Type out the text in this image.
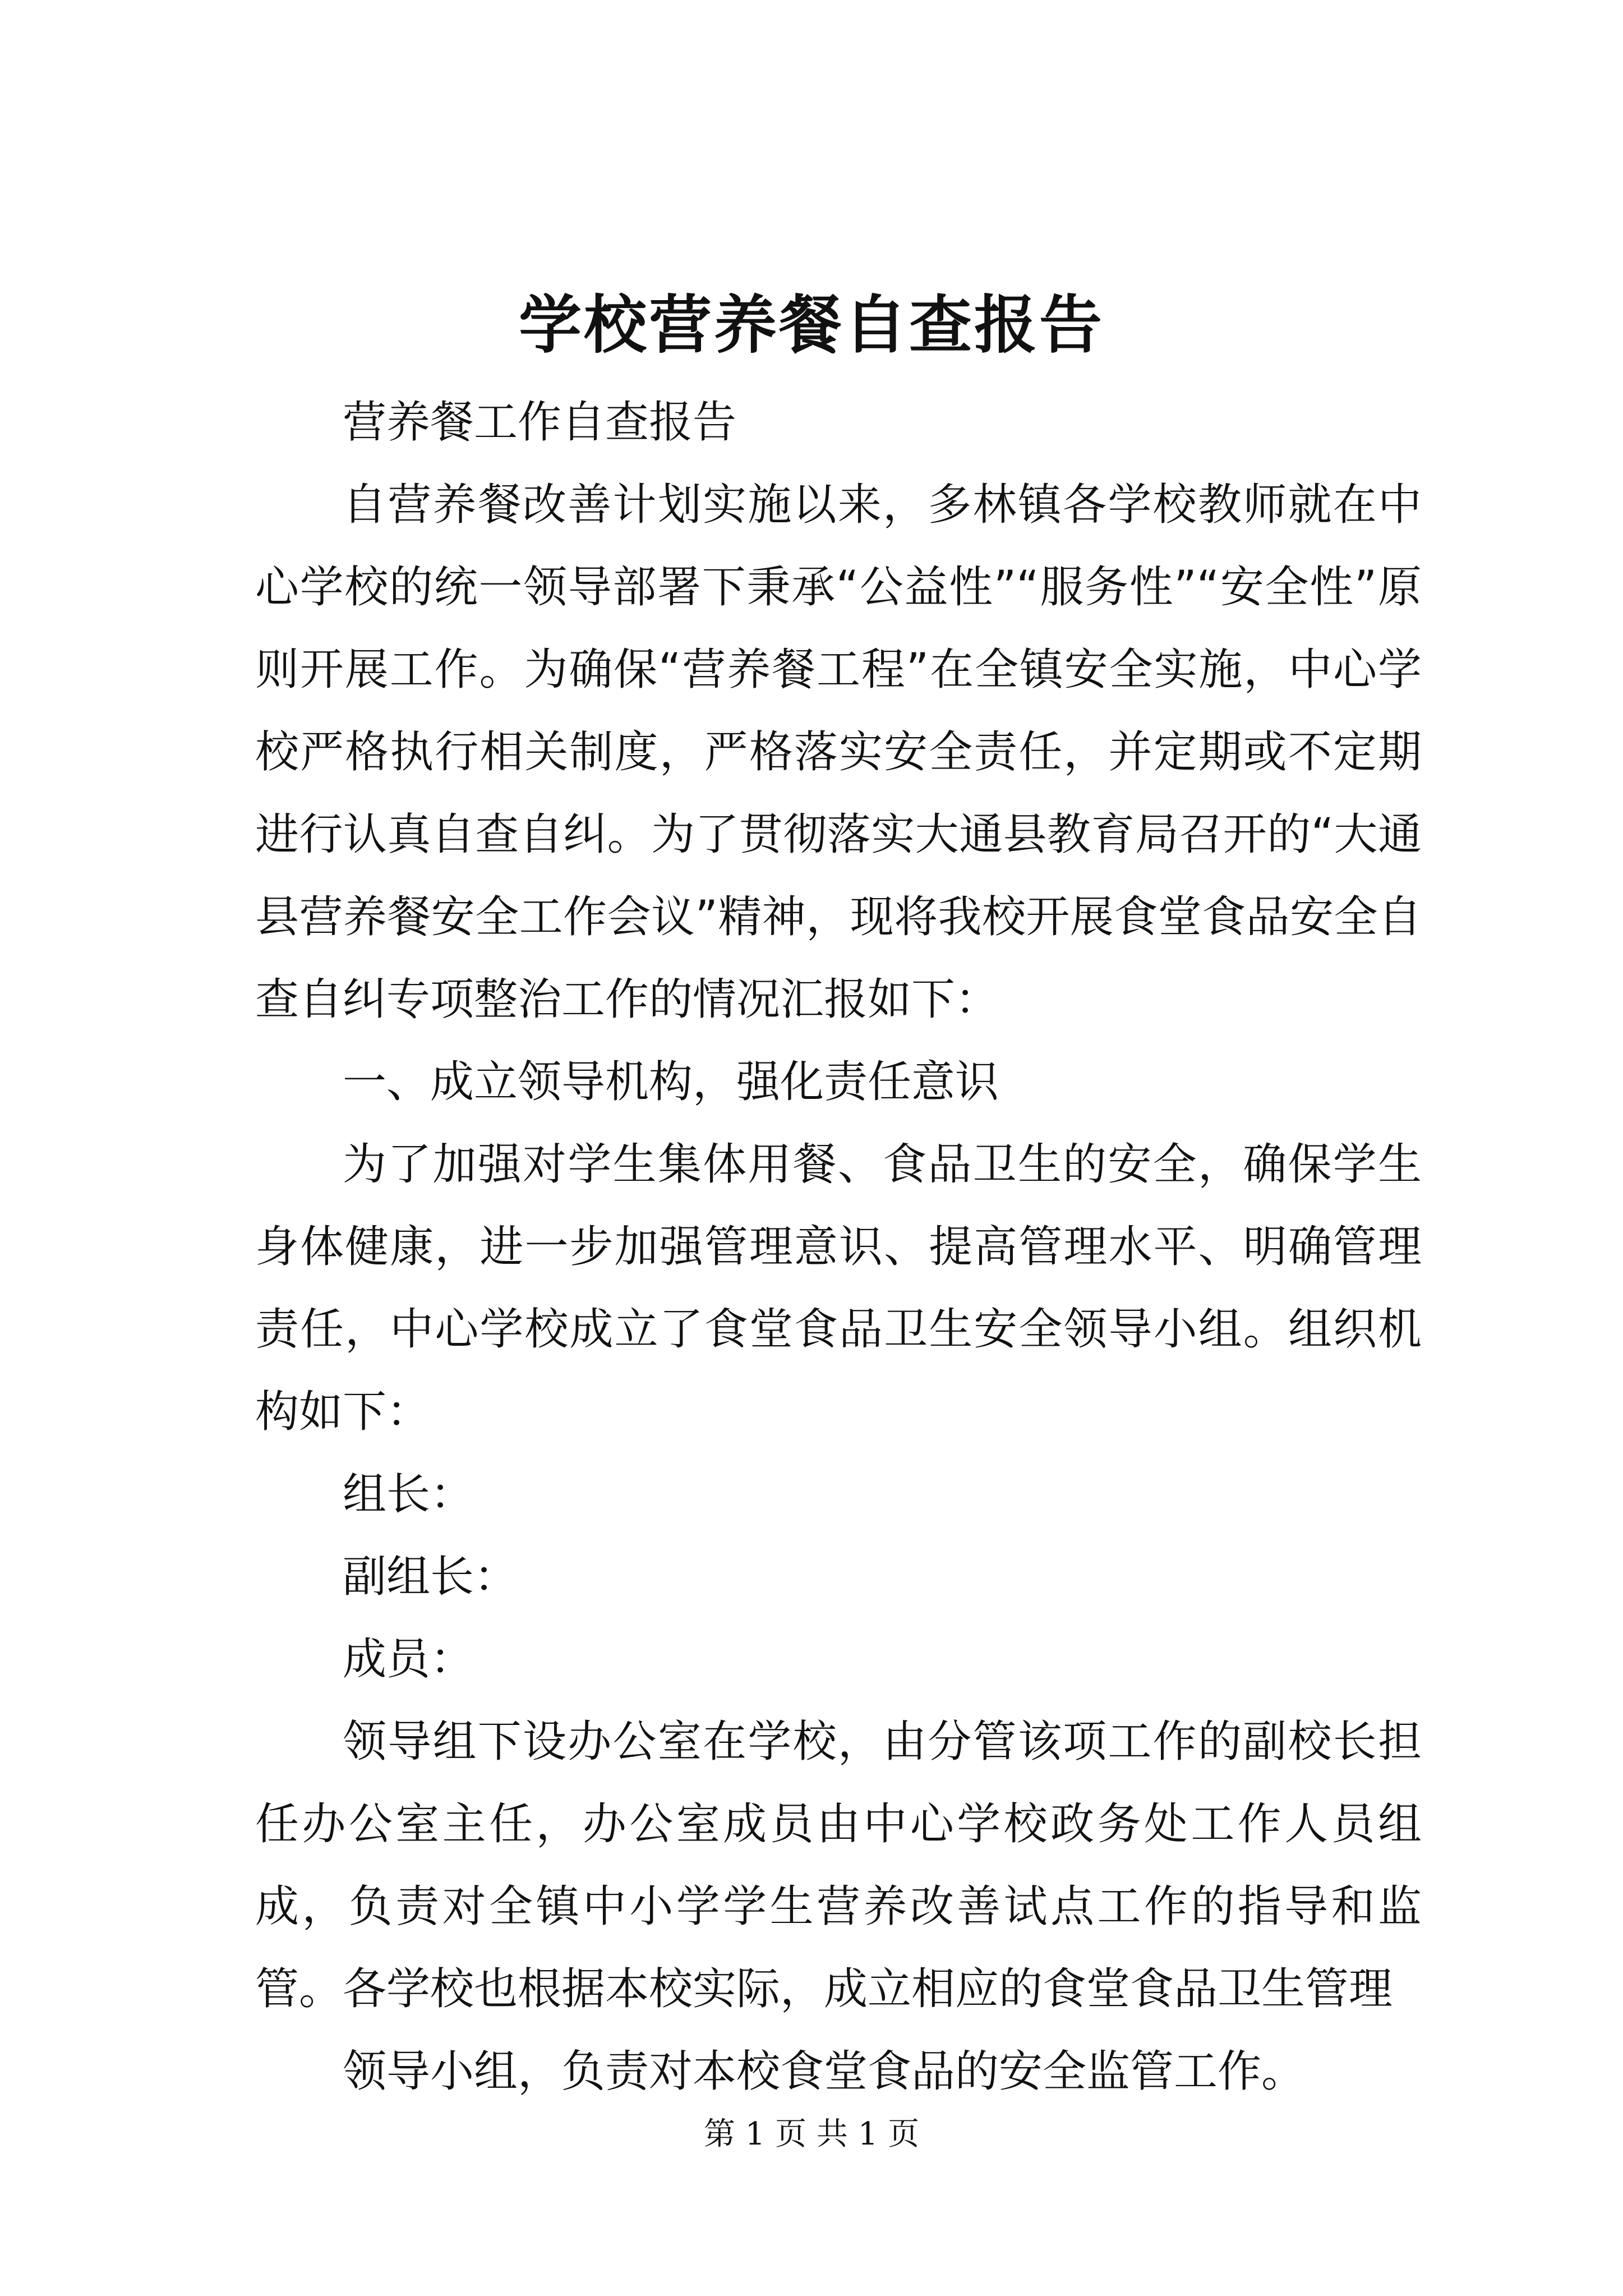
学校营养餐自查报告

营养餐工作自查报告

自营养餐改善计划实施以来，多林镇各学校教师就在中心学校的统一领导部署下秉承“公益性”“服务性”“安全性”原则开展工作。为确保“营养餐工程”在全镇安全实施，中心学校严格执行相关制度，严格落实安全责任，并定期或不定期进行认真自查自纠。为了贯彻落实大通县教育局召开的“大通县营养餐安全工作会议”精神，现将我校开展食堂食品安全自查自纠专项整治工作的情况汇报如下：

一、成立领导机构，强化责任意识

为了加强对学生集体用餐、食品卫生的安全，确保学生身体健康，进一步加强管理意识、提高管理水平、明确管理责任，中心学校成立了食堂食品卫生安全领导小组。组织机构如下：

组长：

副组长：

成员：

领导组下设办公室在学校，由分管该项工作的副校长担任办公室主任，办公室成员由中心学校政务处工作人员组成，负责对全镇中小学学生营养改善试点工作的指导和监管。各学校也根据本校实际，成立相应的食堂食品卫生管理

领导小组，负责对本校食堂食品的安全监管工作。

第 1 页 共 1 页
